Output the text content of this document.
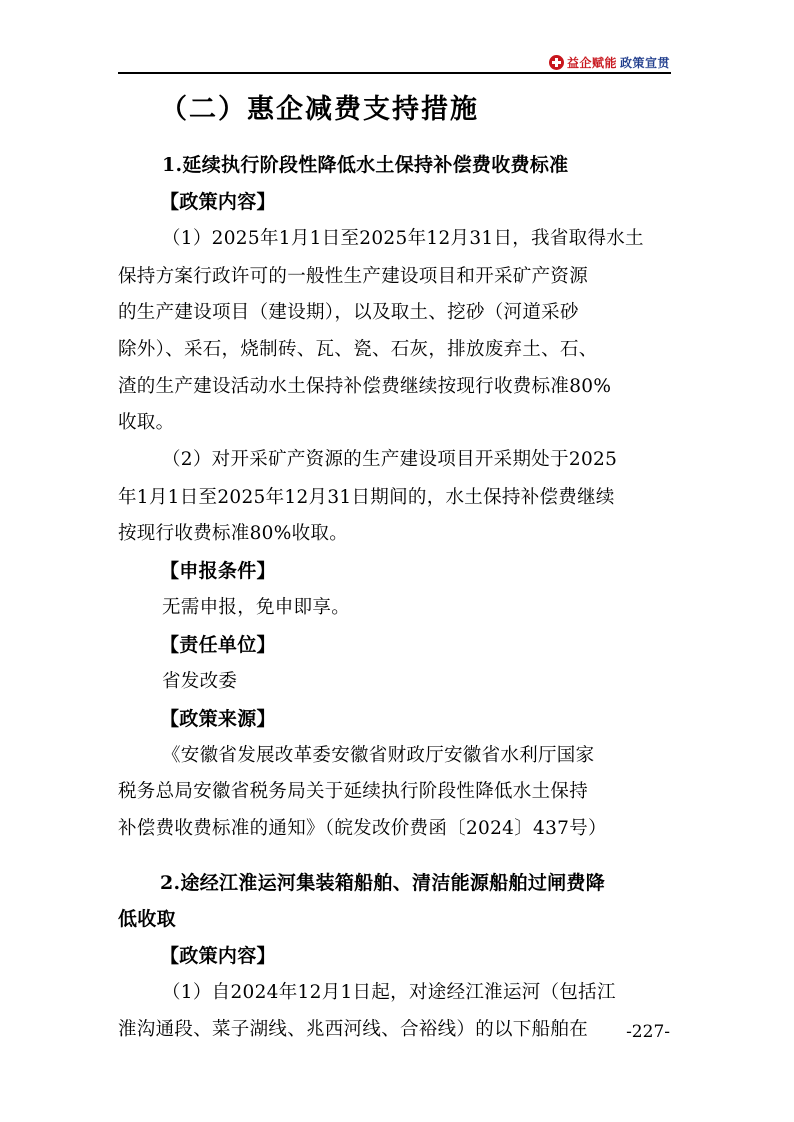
益企赋能 政策宣贯
（二）惠企减费支持措施
1.延续执行阶段性降低水土保持补偿费收费标准
【政策内容】
（1）2025年1月1日至2025年12月31日，我省取得水土
保持方案行政许可的一般性生产建设项目和开采矿产资源
的生产建设项目（建设期），以及取土、挖砂（河道采砂
除外）、采石，烧制砖、瓦、瓷、石灰，排放废弃土、石、
渣的生产建设活动水土保持补偿费继续按现行收费标准80%
收取。
（2）对开采矿产资源的生产建设项目开采期处于2025
年1月1日至2025年12月31日期间的，水土保持补偿费继续
按现行收费标准80%收取。
【申报条件】
无需申报，免申即享。
【责任单位】
省发改委
【政策来源】
《安徽省发展改革委安徽省财政厅安徽省水利厅国家
税务总局安徽省税务局关于延续执行阶段性降低水土保持
补偿费收费标准的通知》（皖发改价费函〔2024〕437号）
2.途经江淮运河集装箱船舶、清洁能源船舶过闸费降
低收取
【政策内容】
（1）自2024年12月1日起，对途经江淮运河（包括江
淮沟通段、菜子湖线、兆西河线、合裕线）的以下船舶在	-227-
